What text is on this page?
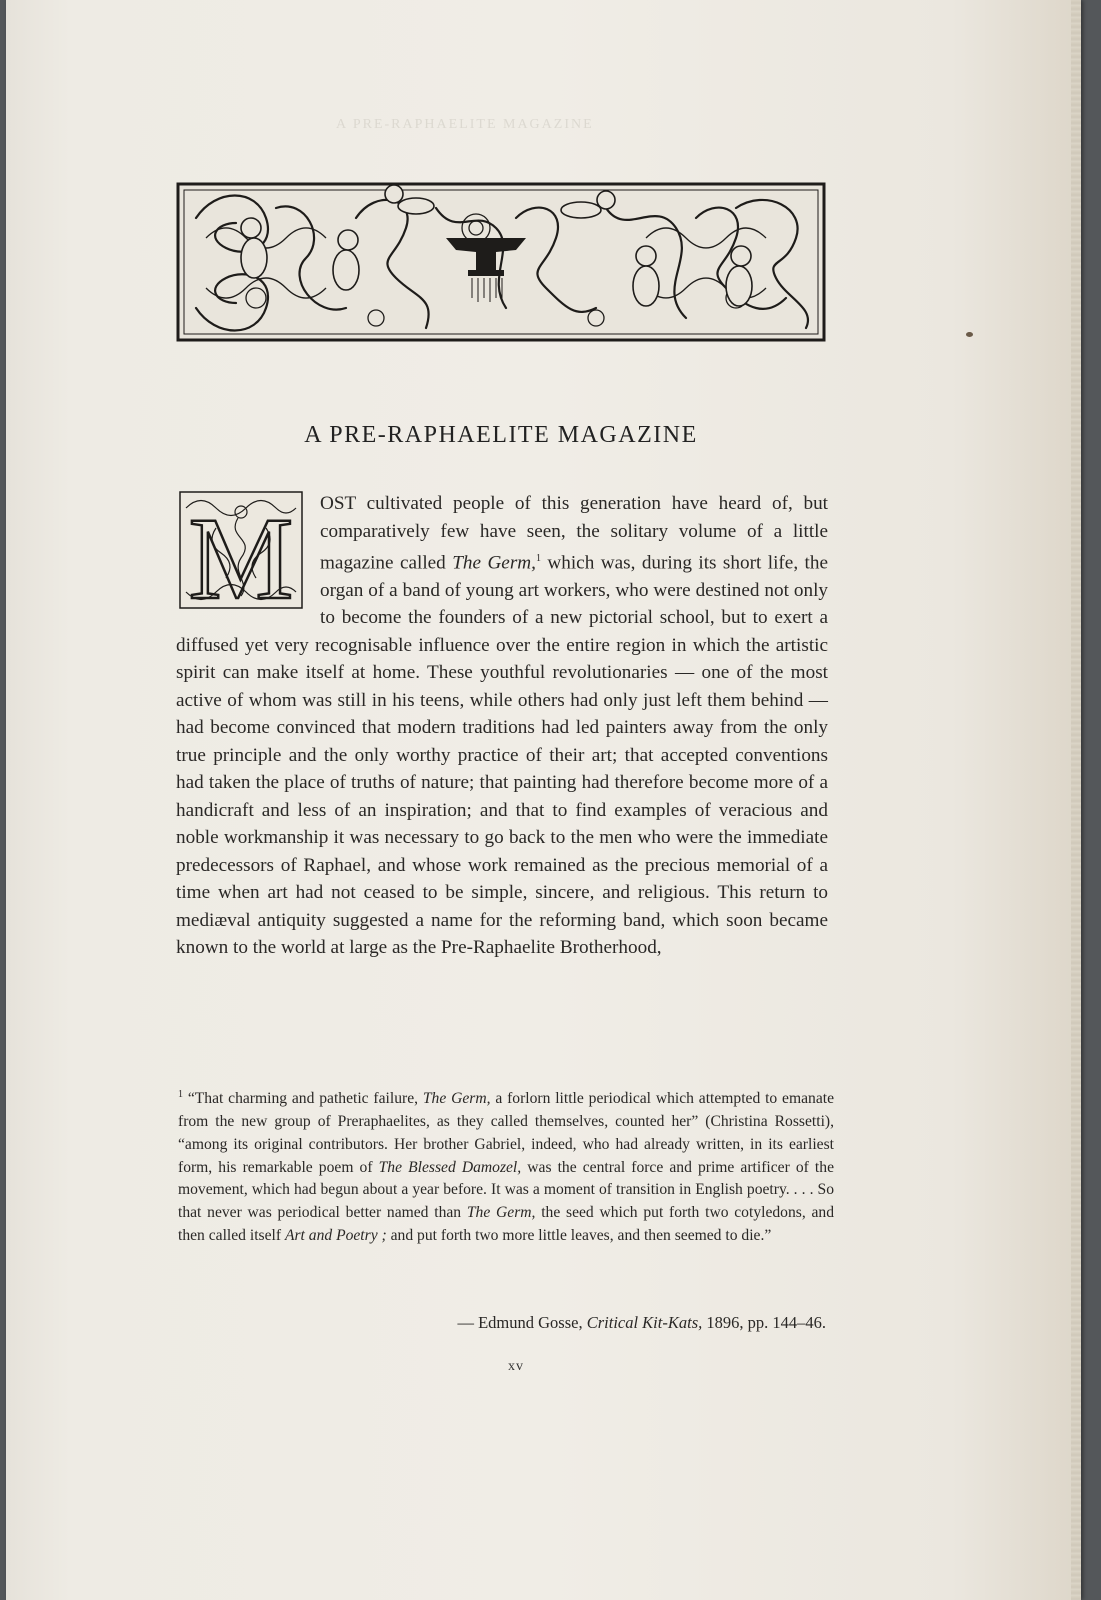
A PRE-RAPHAELITE MAGAZINE
A PRE-RAPHAELITE MAGAZINE
M OST cultivated people of this generation have heard of, but comparatively few have seen, the solitary volume of a little magazine called The Germ,$^1$ which was, during its short life, the organ of a band of young art workers, who were destined not only to become the founders of a new pictorial school, but to exert a diffused yet very recognisable influence over the entire region in which the artistic spirit can make itself at home. These youthful revolutionaries — one of the most active of whom was still in his teens, while others had only just left them behind — had become convinced that modern traditions had led painters away from the only true principle and the only worthy practice of their art; that accepted conventions had taken the place of truths of nature; that painting had therefore become more of a handicraft and less of an inspiration; and that to find examples of veracious and noble workmanship it was necessary to go back to the men who were the immediate predecessors of Raphael, and whose work remained as the precious memorial of a time when art had not ceased to be simple, sincere, and religious. This return to mediæval antiquity suggested a name for the reforming band, which soon became known to the world at large as the Pre-Raphaelite Brotherhood,
$^1$ “That charming and pathetic failure, The Germ, a forlorn little periodical which attempted to emanate from the new group of Preraphaelites, as they called themselves, counted her” (Christina Rossetti), “among its original contributors. Her brother Gabriel, indeed, who had already written, in its earliest form, his remarkable poem of The Blessed Damozel, was the central force and prime artificer of the movement, which had begun about a year before. It was a moment of transition in English poetry. . . . So that never was periodical better named than The Germ, the seed which put forth two cotyledons, and then called itself Art and Poetry ; and put forth two more little leaves, and then seemed to die.”
— Edmund Gosse, Critical Kit-Kats, 1896, pp. 144–46.
xv
